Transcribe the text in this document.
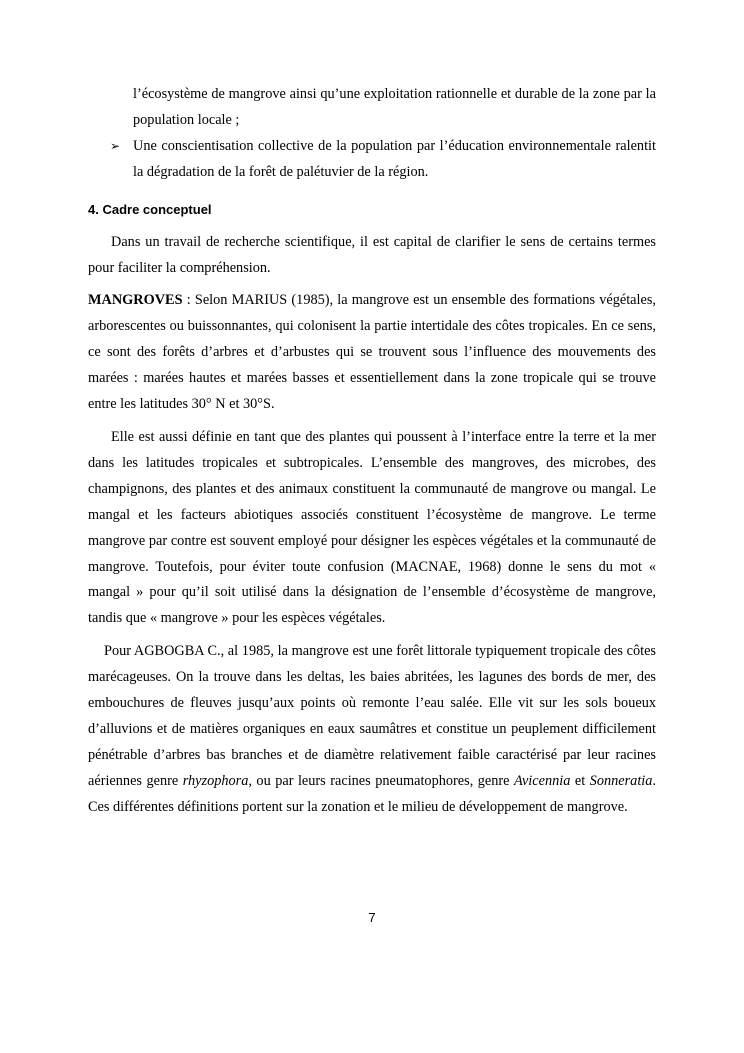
l’écosystème de mangrove ainsi qu’une exploitation rationnelle et durable de la zone par la population locale ;

➢ Une conscientisation collective de la population par l’éducation environnementale ralentit la dégradation de la forêt de palétuvier de la région.

4. Cadre conceptuel

Dans un travail de recherche scientifique, il est capital de clarifier le sens de certains termes pour faciliter la compréhension.

MANGROVES : Selon MARIUS (1985), la mangrove est un ensemble des formations végétales, arborescentes ou buissonnantes, qui colonisent la partie intertidale des côtes tropicales. En ce sens, ce sont des forêts d’arbres et d’arbustes qui se trouvent sous l’influence des mouvements des marées : marées hautes et marées basses et essentiellement dans la zone tropicale qui se trouve entre les latitudes 30° N et 30°S.

Elle est aussi définie en tant que des plantes qui poussent à l’interface entre la terre et la mer dans les latitudes tropicales et subtropicales. L’ensemble des mangroves, des microbes, des champignons, des plantes et des animaux constituent la communauté de mangrove ou mangal. Le mangal et les facteurs abiotiques associés constituent l’écosystème de mangrove. Le terme mangrove par contre est souvent employé pour désigner les espèces végétales et la communauté de mangrove. Toutefois, pour éviter toute confusion (MACNAE, 1968) donne le sens du mot « mangal » pour qu’il soit utilisé dans la désignation de l’ensemble d’écosystème de mangrove, tandis que « mangrove » pour les espèces végétales.

Pour AGBOGBA C., al 1985, la mangrove est une forêt littorale typiquement tropicale des côtes marécageuses. On la trouve dans les deltas, les baies abritées, les lagunes des bords de mer, des embouchures de fleuves jusqu’aux points où remonte l’eau salée. Elle vit sur les sols boueux d’alluvions et de matières organiques en eaux saumâtres et constitue un peuplement difficilement pénétrable d’arbres bas branches et de diamètre relativement faible caractérisé par leur racines aériennes genre rhyzophora, ou par leurs racines pneumatophores, genre Avicennia et Sonneratia. Ces différentes définitions portent sur la zonation et le milieu de développement de mangrove.

7
